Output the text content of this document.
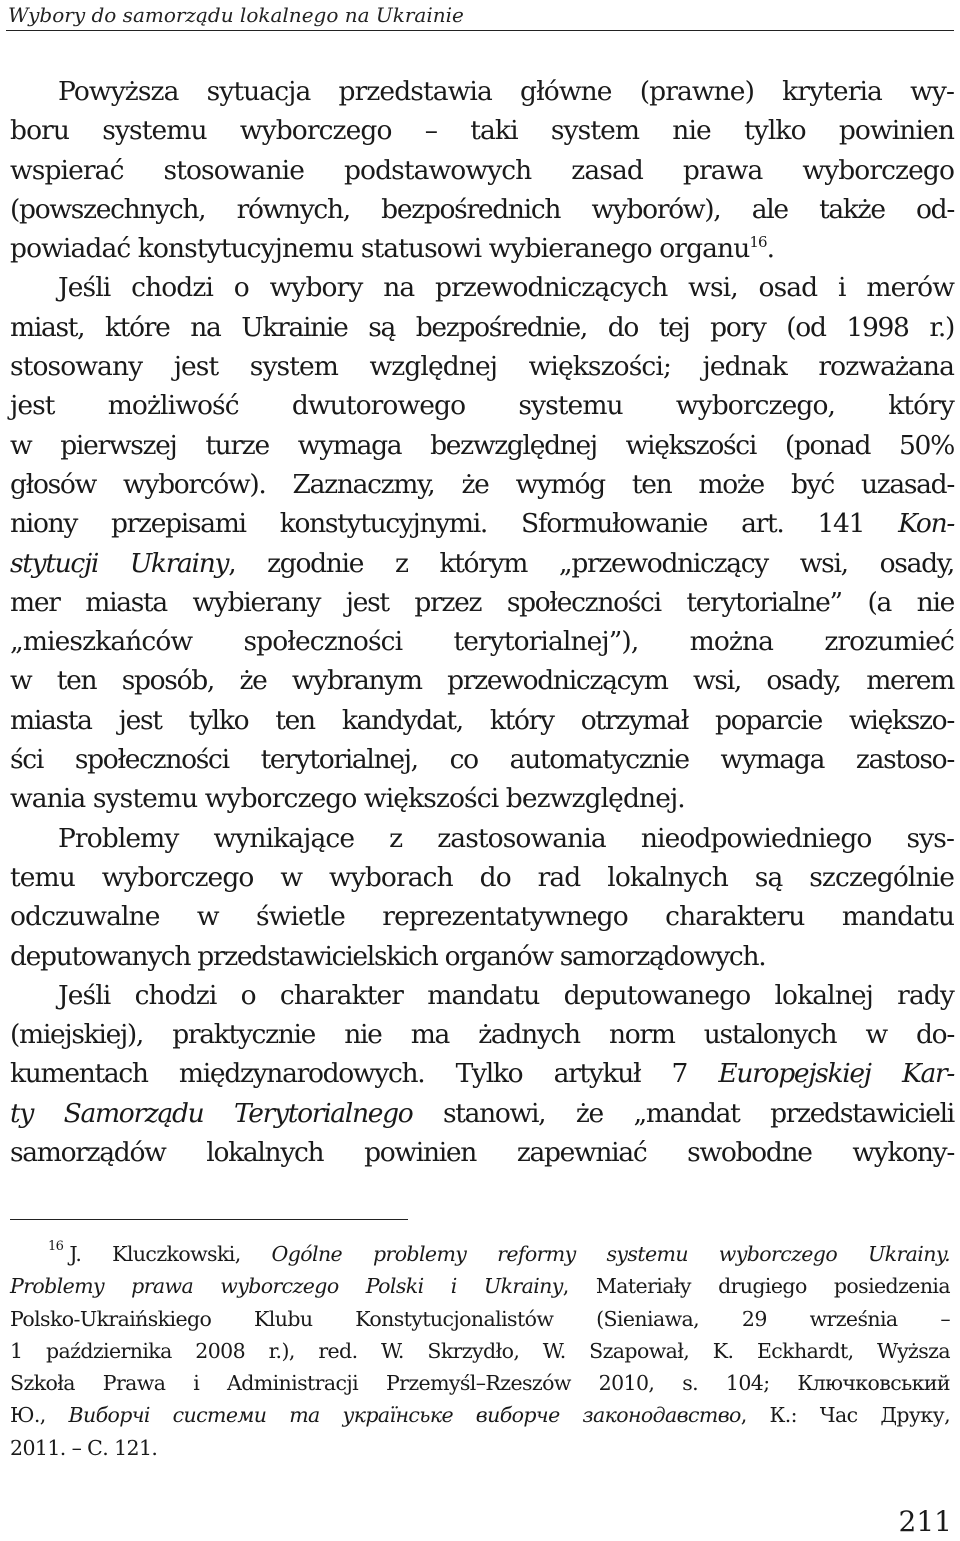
Wybory do samorządu lokalnego na Ukrainie
Powyższa sytuacja przedstawia główne (prawne) kryteria wy-
boru systemu wyborczego – taki system nie tylko powinien
wspierać stosowanie podstawowych zasad prawa wyborczego
(powszechnych, równych, bezpośrednich wyborów), ale także od-
powiadać konstytucyjnemu statusowi wybieranego organu$^{16}$.
Jeśli chodzi o wybory na przewodniczących wsi, osad i merów
miast, które na Ukrainie są bezpośrednie, do tej pory (od 1998 r.)
stosowany jest system względnej większości; jednak rozważana
jest możliwość dwutorowego systemu wyborczego, który
w pierwszej turze wymaga bezwzględnej większości (ponad 50%
głosów wyborców). Zaznaczmy, że wymóg ten może być uzasad-
niony przepisami konstytucyjnymi. Sformułowanie art. 141 Kon-
stytucji Ukrainy, zgodnie z którym „przewodniczący wsi, osady,
mer miasta wybierany jest przez społeczności terytorialne” (a nie
„mieszkańców społeczności terytorialnej”), można zrozumieć
w ten sposób, że wybranym przewodniczącym wsi, osady, merem
miasta jest tylko ten kandydat, który otrzymał poparcie większo-
ści społeczności terytorialnej, co automatycznie wymaga zastoso-
wania systemu wyborczego większości bezwzględnej.
Problemy wynikające z zastosowania nieodpowiedniego sys-
temu wyborczego w wyborach do rad lokalnych są szczególnie
odczuwalne w świetle reprezentatywnego charakteru mandatu
deputowanych przedstawicielskich organów samorządowych.
Jeśli chodzi o charakter mandatu deputowanego lokalnej rady
(miejskiej), praktycznie nie ma żadnych norm ustalonych w do-
kumentach międzynarodowych. Tylko artykuł 7 Europejskiej Kar-
ty Samorządu Terytorialnego stanowi, że „mandat przedstawicieli
samorządów lokalnych powinien zapewniać swobodne wykony-
$^{16}$ J. Kluczkowski, Ogólne problemy reformy systemu wyborczego Ukrainy.
Problemy prawa wyborczego Polski i Ukrainy, Materiały drugiego posiedzenia
Polsko-Ukraińskiego Klubu Konstytucjonalistów (Sieniawa, 29 września –
1 października 2008 r.), red. W. Skrzydło, W. Szapował, K. Eckhardt, Wyższa
Szkoła Prawa i Administracji Przemyśl–Rzeszów 2010, s. 104; Ключковський
Ю., Виборчі системи та українське виборче законодавство, К.: Час Друку,
2011. – С. 121.
211
